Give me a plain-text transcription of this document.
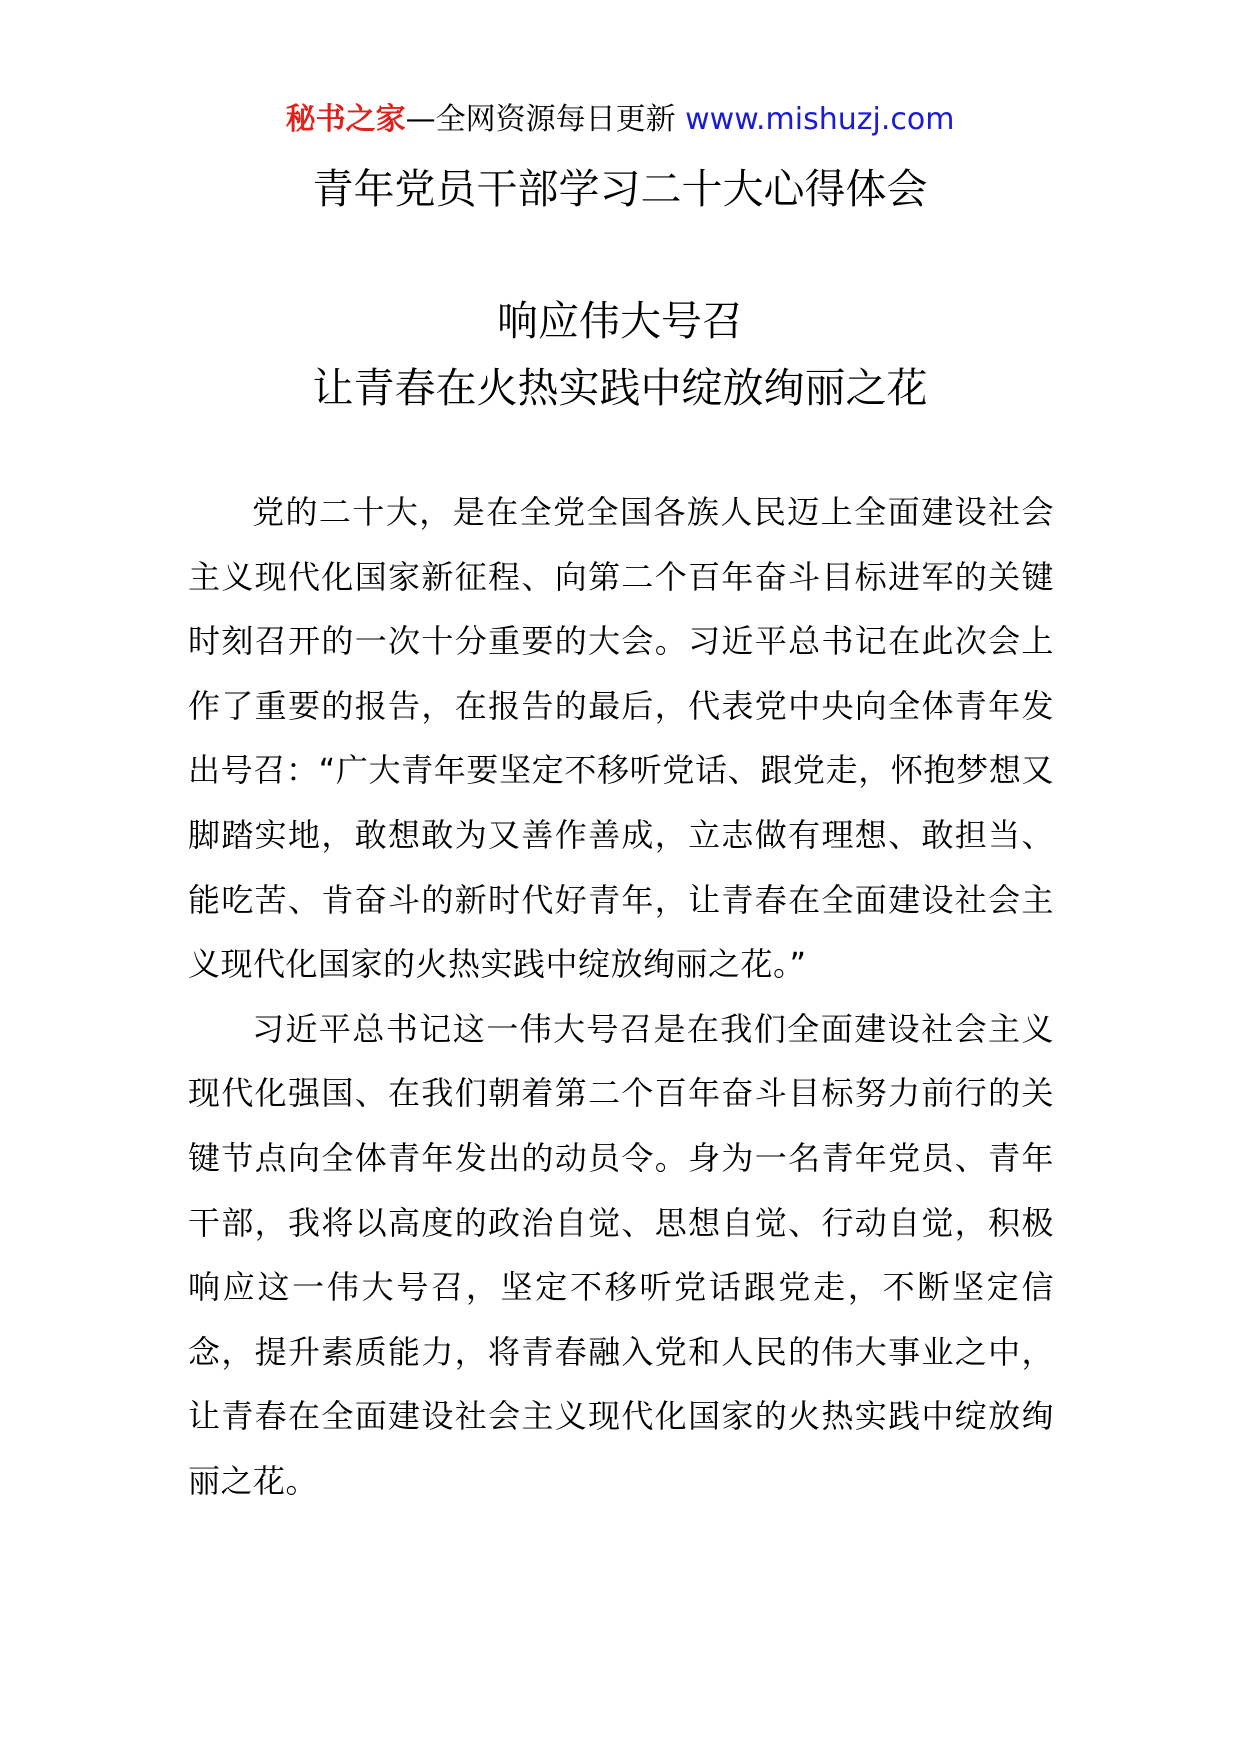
秘书之家—全网资源每日更新 www.mishuzj.com
青年党员干部学习二十大心得体会
响应伟大号召
让青春在火热实践中绽放绚丽之花

党的二十大，是在全党全国各族人民迈上全面建设社会主义现代化国家新征程、向第二个百年奋斗目标进军的关键时刻召开的一次十分重要的大会。习近平总书记在此次会上作了重要的报告，在报告的最后，代表党中央向全体青年发出号召：“广大青年要坚定不移听党话、跟党走，怀抱梦想又脚踏实地，敢想敢为又善作善成，立志做有理想、敢担当、能吃苦、肯奋斗的新时代好青年，让青春在全面建设社会主义现代化国家的火热实践中绽放绚丽之花。”

习近平总书记这一伟大号召是在我们全面建设社会主义现代化强国、在我们朝着第二个百年奋斗目标努力前行的关键节点向全体青年发出的动员令。身为一名青年党员、青年干部，我将以高度的政治自觉、思想自觉、行动自觉，积极响应这一伟大号召，坚定不移听党话跟党走，不断坚定信念，提升素质能力，将青春融入党和人民的伟大事业之中，让青春在全面建设社会主义现代化国家的火热实践中绽放绚丽之花。
